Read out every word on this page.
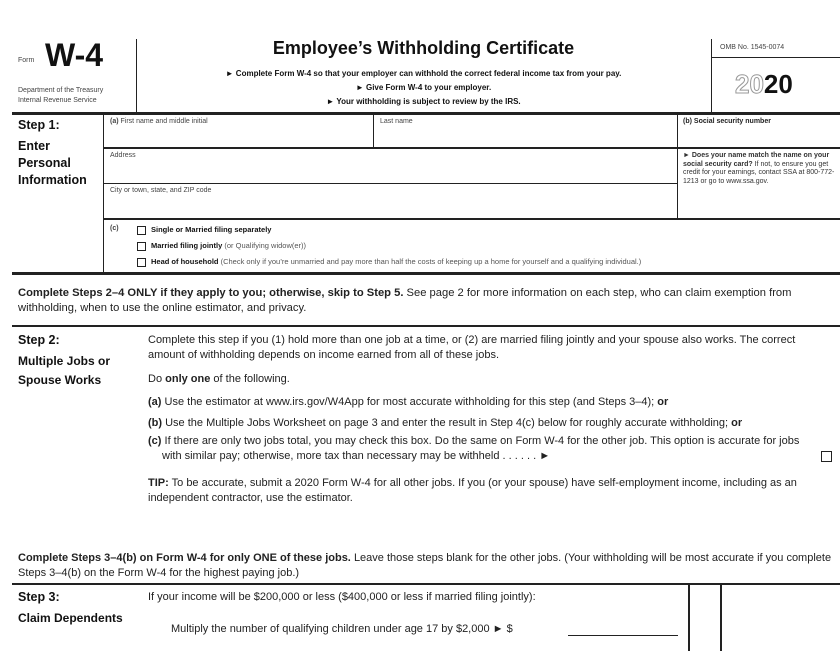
Form W-4
Department of the Treasury
Internal Revenue Service
Employee’s Withholding Certificate
► Complete Form W-4 so that your employer can withhold the correct federal income tax from your pay.
► Give Form W-4 to your employer.
► Your withholding is subject to review by the IRS.
OMB No. 1545-0074
2020
Step 1:
Enter Personal Information
(a) First name and middle initial	Last name	(b) Social security number
Address
City or town, state, and ZIP code
► Does your name match the name on your social security card? If not, to ensure you get credit for your earnings, contact SSA at 800-772-1213 or go to www.ssa.gov.
(c)	Single or Married filing separately
Married filing jointly (or Qualifying widow(er))
Head of household (Check only if you’re unmarried and pay more than half the costs of keeping up a home for yourself and a qualifying individual.)
Complete Steps 2–4 ONLY if they apply to you; otherwise, skip to Step 5. See page 2 for more information on each step, who can claim exemption from withholding, when to use the online estimator, and privacy.
Step 2:
Multiple Jobs or Spouse Works
Complete this step if you (1) hold more than one job at a time, or (2) are married filing jointly and your spouse also works. The correct amount of withholding depends on income earned from all of these jobs.
Do only one of the following.
(a) Use the estimator at www.irs.gov/W4App for most accurate withholding for this step (and Steps 3–4); or
(b) Use the Multiple Jobs Worksheet on page 3 and enter the result in Step 4(c) below for roughly accurate withholding; or
(c) If there are only two jobs total, you may check this box. Do the same on Form W-4 for the other job. This option is accurate for jobs with similar pay; otherwise, more tax than necessary may be withheld . . . . . . ►
TIP: To be accurate, submit a 2020 Form W-4 for all other jobs. If you (or your spouse) have self-employment income, including as an independent contractor, use the estimator.
Complete Steps 3–4(b) on Form W-4 for only ONE of these jobs. Leave those steps blank for the other jobs. (Your withholding will be most accurate if you complete Steps 3–4(b) on the Form W-4 for the highest paying job.)
Step 3:
Claim Dependents
If your income will be $200,000 or less ($400,000 or less if married filing jointly):
Multiply the number of qualifying children under age 17 by $2,000 ► $
